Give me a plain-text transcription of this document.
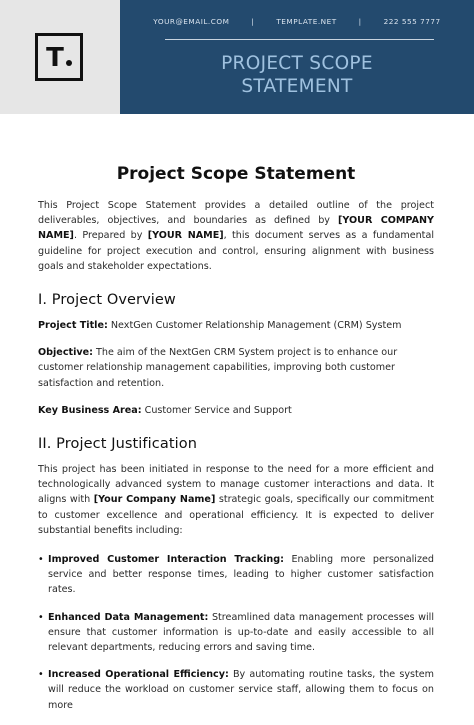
T
YOUR@EMAIL.COM	|	TEMPLATE.NET	|	222 555 7777
PROJECT SCOPE
STATEMENT
Project Scope Statement

This Project Scope Statement provides a detailed outline of the project deliverables, objectives, and boundaries as defined by [YOUR COMPANY NAME]. Prepared by [YOUR NAME], this document serves as a fundamental guideline for project execution and control, ensuring alignment with business goals and stakeholder expectations.

I. Project Overview
Project Title: NextGen Customer Relationship Management (CRM) System
Objective: The aim of the NextGen CRM System project is to enhance our customer relationship management capabilities, improving both customer satisfaction and retention.
Key Business Area: Customer Service and Support
II. Project Justification

This project has been initiated in response to the need for a more efficient and technologically advanced system to manage customer interactions and data. It aligns with [Your Company Name] strategic goals, specifically our commitment to customer excellence and operational efficiency. It is expected to deliver substantial benefits including:

• Improved Customer Interaction Tracking: Enabling more personalized service and better response times, leading to higher customer satisfaction rates.
• Enhanced Data Management: Streamlined data management processes will ensure that customer information is up-to-date and easily accessible to all relevant departments, reducing errors and saving time.
• Increased Operational Efficiency: By automating routine tasks, the system will reduce the workload on customer service staff, allowing them to focus on more
